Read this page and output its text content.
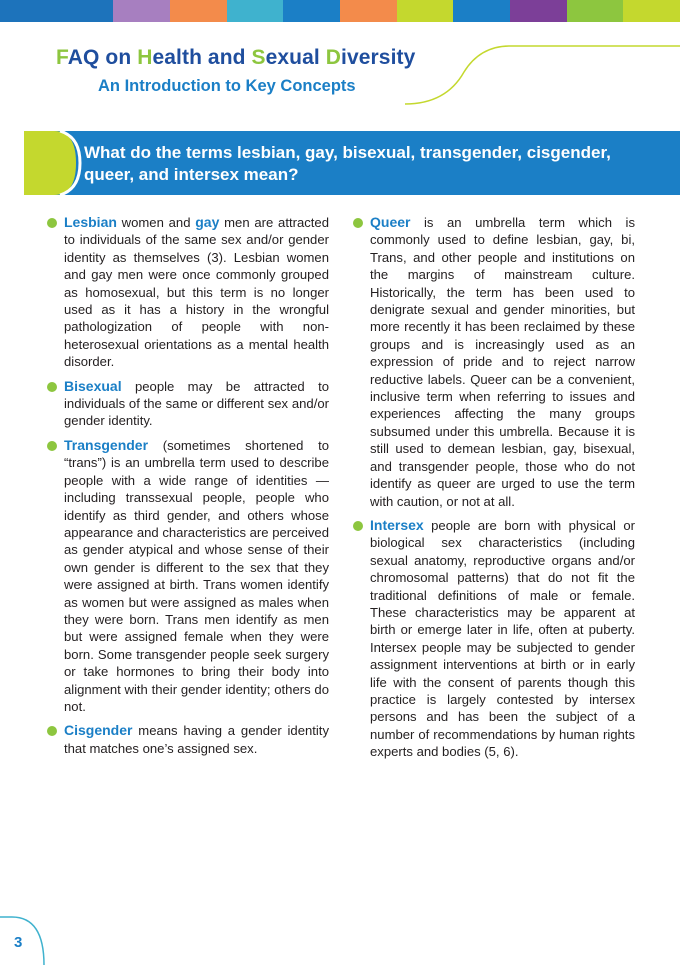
FAQ on Health and Sexual Diversity
An Introduction to Key Concepts

What do the terms lesbian, gay, bisexual, transgender, cisgender, queer, and intersex mean?

Lesbian women and gay men are attracted to individuals of the same sex and/or gender identity as themselves (3). Lesbian women and gay men were once commonly grouped as homosexual, but this term is no longer used as it has a history in the wrongful pathologization of people with non-heterosexual orientations as a mental health disorder.

Bisexual people may be attracted to individuals of the same or different sex and/or gender identity.

Transgender (sometimes shortened to “trans”) is an umbrella term used to describe people with a wide range of identities —including transsexual people, people who identify as third gender, and others whose appearance and characteristics are perceived as gender atypical and whose sense of their own gender is different to the sex that they were assigned at birth. Trans women identify as women but were assigned as males when they were born. Trans men identify as men but were assigned female when they were born. Some transgender people seek surgery or take hormones to bring their body into alignment with their gender identity; others do not.

Cisgender means having a gender identity that matches one’s assigned sex.

Queer is an umbrella term which is commonly used to define lesbian, gay, bi, Trans, and other people and institutions on the margins of mainstream culture. Historically, the term has been used to denigrate sexual and gender minorities, but more recently it has been reclaimed by these groups and is increasingly used as an expression of pride and to reject narrow reductive labels. Queer can be a convenient, inclusive term when referring to issues and experiences affecting the many groups subsumed under this umbrella. Because it is still used to demean lesbian, gay, bisexual, and transgender people, those who do not identify as queer are urged to use the term with caution, or not at all.

Intersex people are born with physical or biological sex characteristics (including sexual anatomy, reproductive organs and/or chromosomal patterns) that do not fit the traditional definitions of male or female. These characteristics may be apparent at birth or emerge later in life, often at puberty. Intersex people may be subjected to gender assignment interventions at birth or in early life with the consent of parents though this practice is largely contested by intersex persons and has been the subject of a number of recommendations by human rights experts and bodies (5, 6).

3
